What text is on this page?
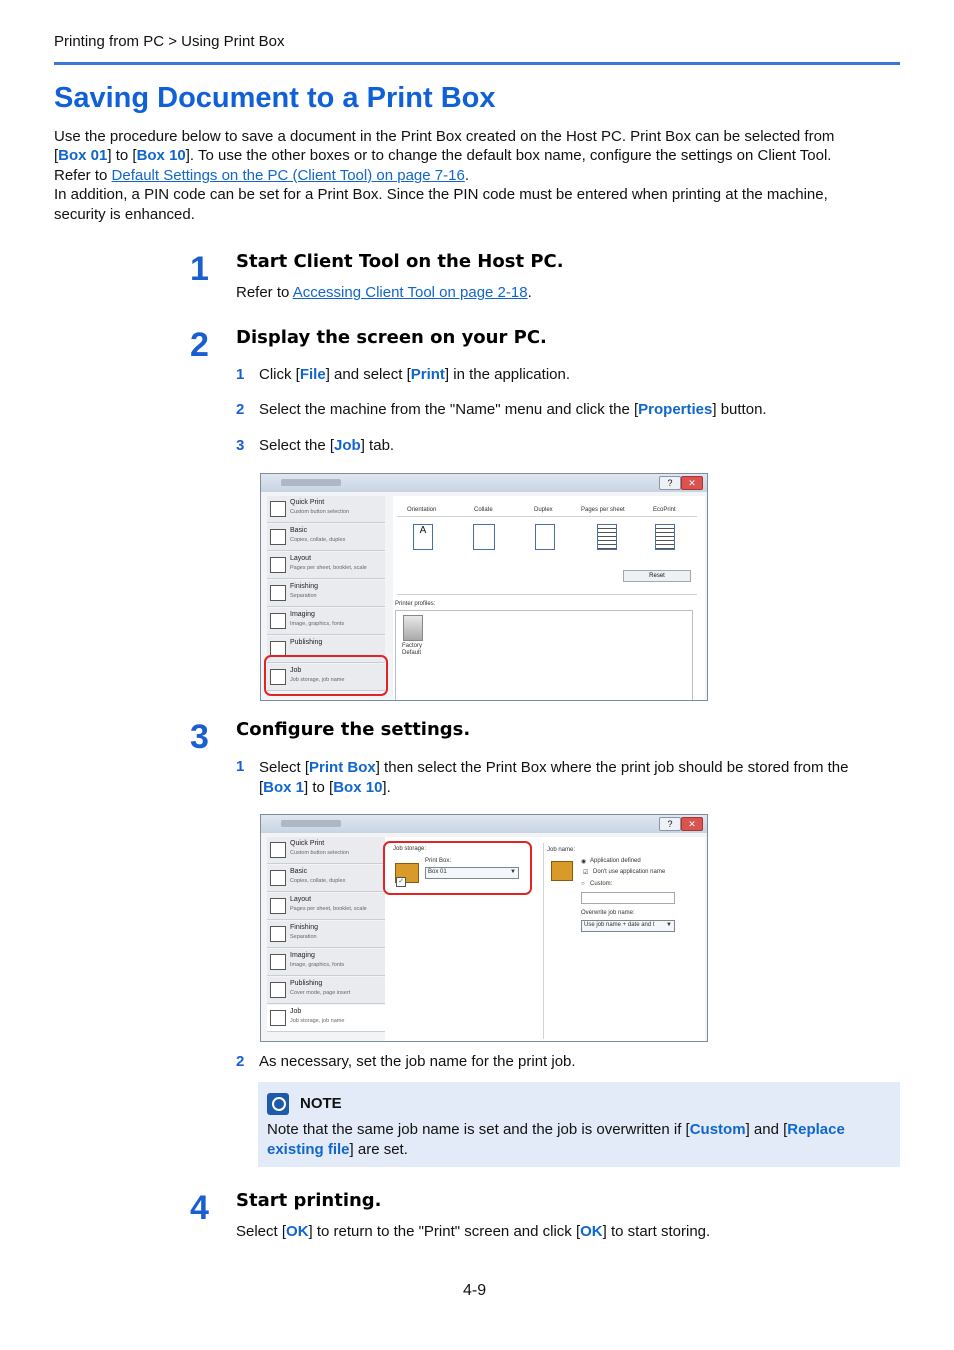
Printing from PC > Using Print Box
Saving Document to a Print Box
Use the procedure below to save a document in the Print Box created on the Host PC. Print Box can be selected from
[Box 01] to [Box 10]. To use the other boxes or to change the default box name, configure the settings on Client Tool.
Refer to Default Settings on the PC (Client Tool) on page 7-16.
In addition, a PIN code can be set for a Print Box. Since the PIN code must be entered when printing at the machine,
security is enhanced.
1 Start Client Tool on the Host PC.
Refer to Accessing Client Tool on page 2-18.
2 Display the screen on your PC.
1 Click [File] and select [Print] in the application.
2 Select the machine from the "Name" menu and click the [Properties] button.
3 Select the [Job] tab.
?	✕
Quick Print
Custom button selection
Basic
Copies, collate, duplex
Layout
Pages per sheet, booklet, scale
Finishing
Separation
Imaging
Image, graphics, fonts
Publishing
Job
Job storage, job name
Orientation	Collate	Duplex	Pages per sheet	EcoPrint
A
Reset
Printer profiles:
Factory
Default
3 Configure the settings.
1 Select [Print Box] then select the Print Box where the print job should be stored from the
[Box 1] to [Box 10].
?	✕
Quick Print
Custom button selection
Basic
Copies, collate, duplex
Layout
Pages per sheet, booklet, scale
Finishing
Separation
Imaging
Image, graphics, fonts
Publishing
Cover mode, page insert
Job
Job storage, job name
Job storage:
✓
Print Box:
Box 01	▼
Job name:
◉ Application defined
☑ Don't use application name
○ Custom:
Overwrite job name:
Use job name + date and t ▼
2 As necessary, set the job name for the print job.
NOTE
Note that the same job name is set and the job is overwritten if [Custom] and [Replace
existing file] are set.
4 Start printing.
Select [OK] to return to the "Print" screen and click [OK] to start storing.
4-9
